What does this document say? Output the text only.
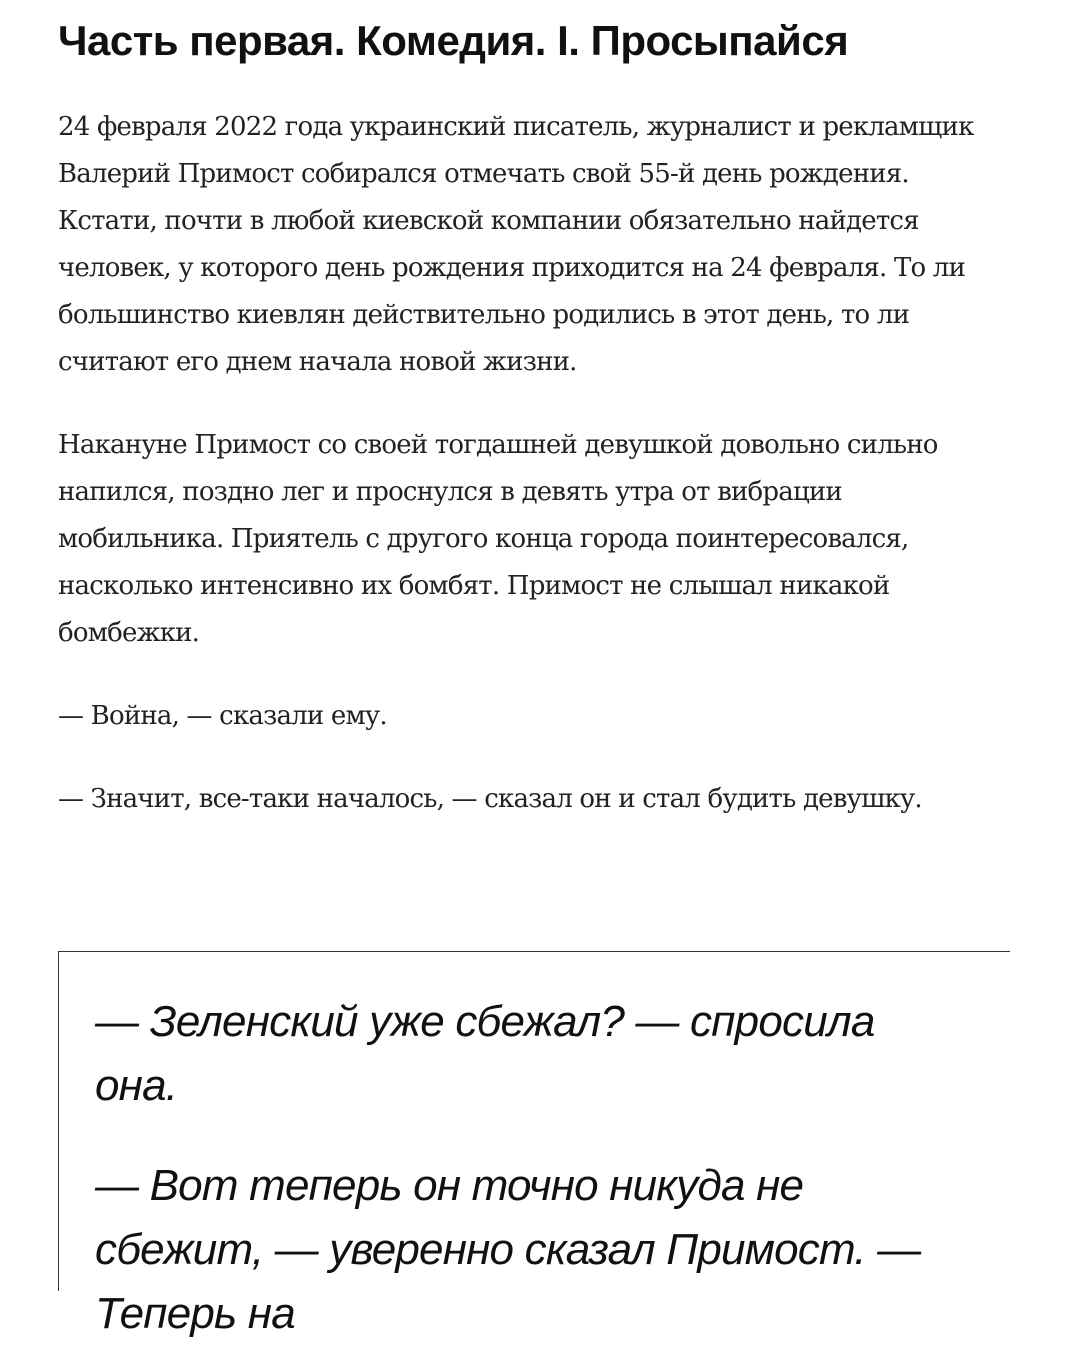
Часть первая. Комедия. I. Просыпайся

24 февраля 2022 года украинский писатель, журналист и рекламщик Валерий Примост собирался отмечать свой 55-й день рождения. Кстати, почти в любой киевской компании обязательно найдется человек, у которого день рождения приходится на 24 февраля. То ли большинство киевлян действительно родились в этот день, то ли считают его днем начала новой жизни.

Накануне Примост со своей тогдашней девушкой довольно сильно напился, поздно лег и проснулся в девять утра от вибрации мобильника. Приятель с другого конца города поинтересовался, насколько интенсивно их бомбят. Примост не слышал никакой бомбежки.

— Война, — сказали ему.

— Значит, все-таки началось, — сказал он и стал будить девушку.

— Зеленский уже сбежал? — спросила она.

— Вот теперь он точно никуда не сбежит, — уверенно сказал Примост. — Теперь на
